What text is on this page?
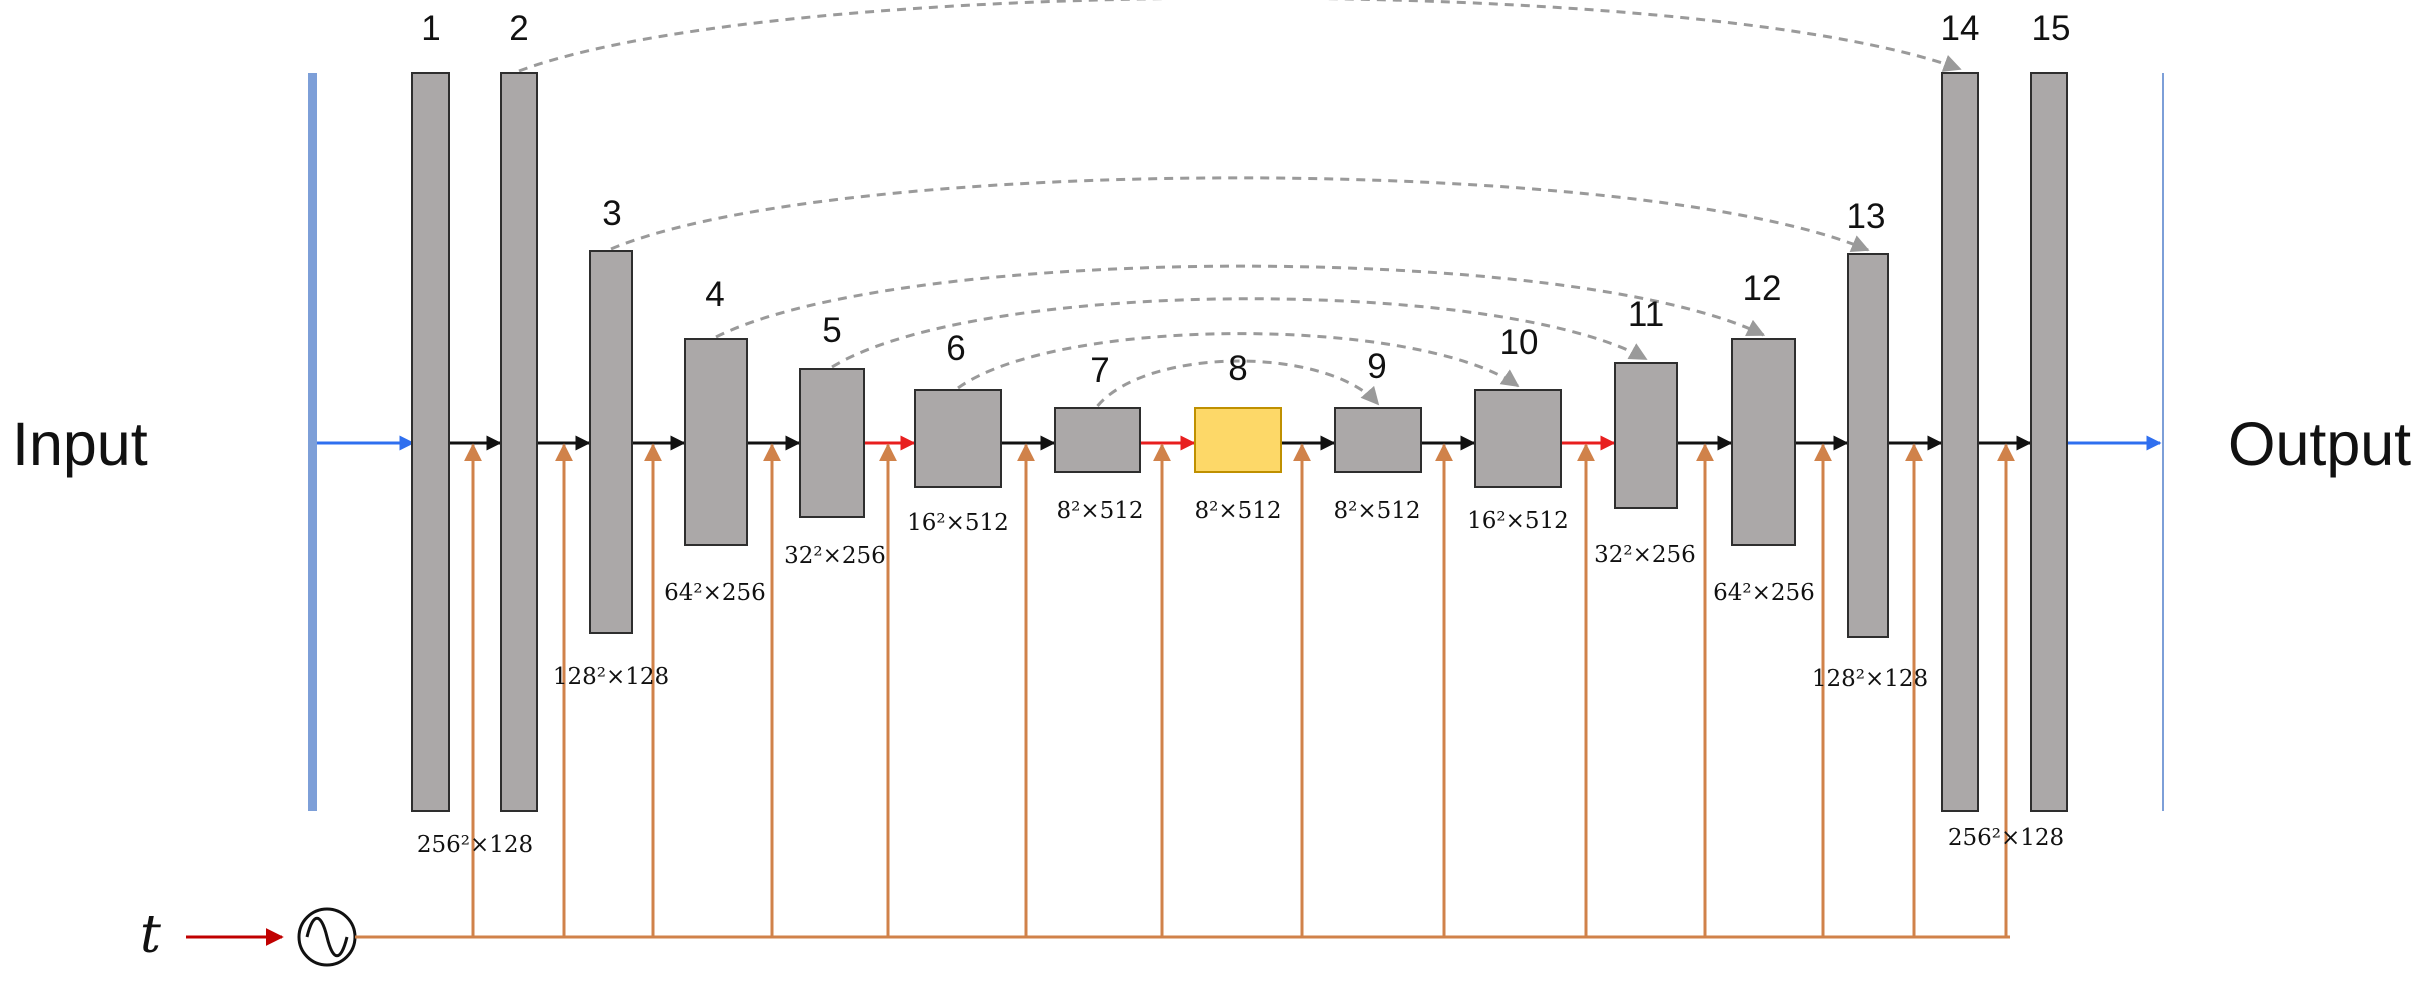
Input	Output
t
1
256²×128
2
3
128²×128
4
64²×256
5
32²×256
6
16²×512
7
8²×512
8
8²×512
9
8²×512
10
16²×512
11
32²×256
12
64²×256
13
128²×128
14
256²×128
15
